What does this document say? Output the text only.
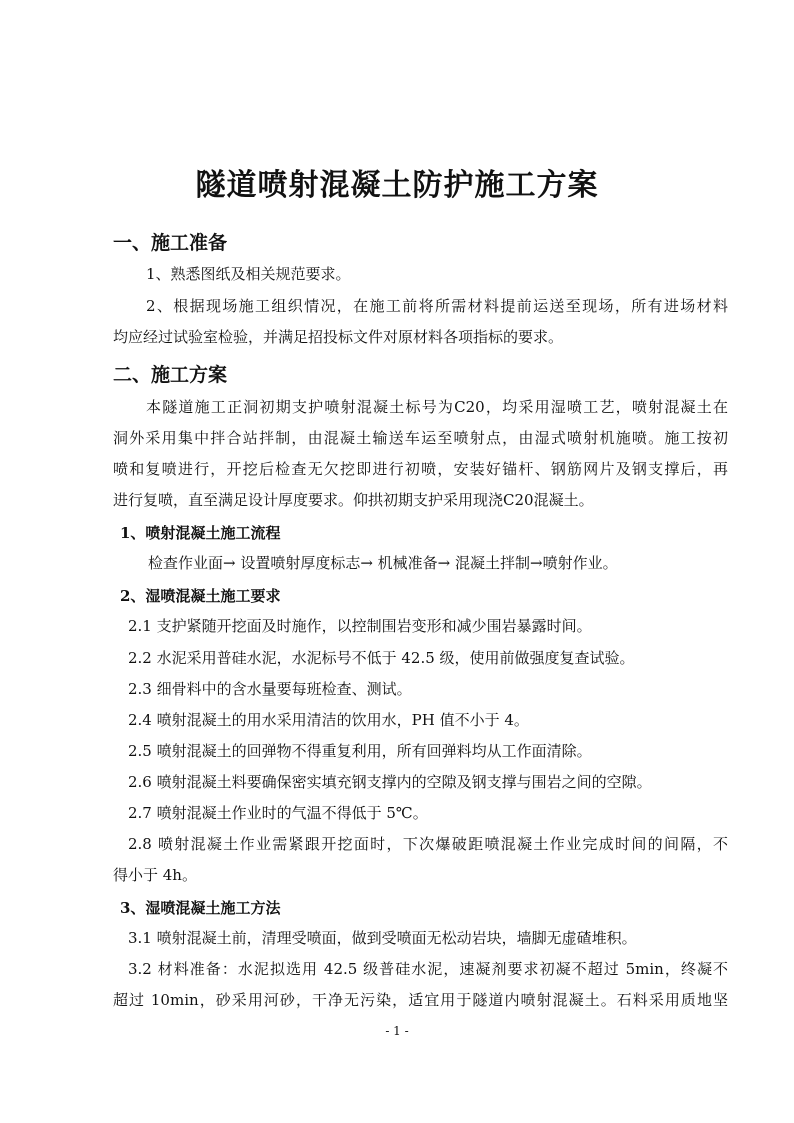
隧道喷射混凝土防护施工方案
一、施工准备
1、熟悉图纸及相关规范要求。
2、根据现场施工组织情况，在施工前将所需材料提前运送至现场，所有进场材料
均应经过试验室检验，并满足招投标文件对原材料各项指标的要求。
二、施工方案
本隧道施工正洞初期支护喷射混凝土标号为C20，均采用湿喷工艺，喷射混凝土在
洞外采用集中拌合站拌制，由混凝土输送车运至喷射点，由湿式喷射机施喷。施工按初
喷和复喷进行，开挖后检查无欠挖即进行初喷，安装好锚杆、钢筋网片及钢支撑后，再
进行复喷，直至满足设计厚度要求。仰拱初期支护采用现浇C20混凝土。
1、喷射混凝土施工流程
检查作业面→ 设置喷射厚度标志→ 机械准备→ 混凝土拌制→喷射作业。
2、湿喷混凝土施工要求
2.1 支护紧随开挖面及时施作，以控制围岩变形和减少围岩暴露时间。
2.2 水泥采用普硅水泥，水泥标号不低于 42.5 级，使用前做强度复查试验。
2.3 细骨料中的含水量要每班检查、测试。
2.4 喷射混凝土的用水采用清洁的饮用水，PH 值不小于 4。
2.5 喷射混凝土的回弹物不得重复利用，所有回弹料均从工作面清除。
2.6 喷射混凝土料要确保密实填充钢支撑内的空隙及钢支撑与围岩之间的空隙。
2.7 喷射混凝土作业时的气温不得低于 5℃。
2.8 喷射混凝土作业需紧跟开挖面时，下次爆破距喷混凝土作业完成时间的间隔，不
得小于 4h。
3、湿喷混凝土施工方法
3.1 喷射混凝土前，清理受喷面，做到受喷面无松动岩块，墙脚无虚碴堆积。
3.2 材料准备：水泥拟选用 42.5 级普硅水泥，速凝剂要求初凝不超过 5min，终凝不
超过 10min，砂采用河砂，干净无污染，适宜用于隧道内喷射混凝土。石料采用质地坚
- 1 -
